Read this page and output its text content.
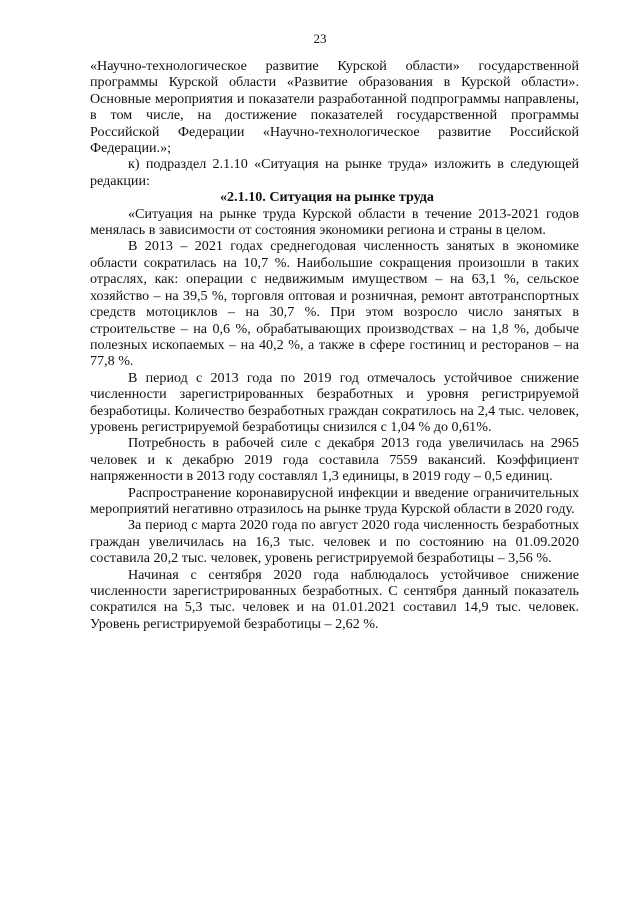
23

«Научно-технологическое развитие Курской области» государственной программы Курской области «Развитие образования в Курской области». Основные мероприятия и показатели разработанной подпрограммы направлены, в том числе, на достижение показателей государственной программы Российской Федерации «Научно-технологическое развитие Российской Федерации.»;

к) подраздел 2.1.10 «Ситуация на рынке труда» изложить в следующей редакции:

«2.1.10. Ситуация на рынке труда

«Ситуация на рынке труда Курской области в течение 2013-2021 годов менялась в зависимости от состояния экономики региона и страны в целом.

В 2013 – 2021 годах среднегодовая численность занятых в экономике области сократилась на 10,7 %. Наибольшие сокращения произошли в таких отраслях, как: операции с недвижимым имуществом – на 63,1 %, сельское хозяйство – на 39,5 %, торговля оптовая и розничная, ремонт автотранспортных средств мотоциклов – на 30,7 %. При этом возросло число занятых в строительстве – на 0,6 %, обрабатывающих производствах – на 1,8 %, добыче полезных ископаемых – на 40,2 %, а также в сфере гостиниц и ресторанов – на 77,8 %.

В период с 2013 года по 2019 год отмечалось устойчивое снижение численности зарегистрированных безработных и уровня регистрируемой безработицы. Количество безработных граждан сократилось на 2,4 тыс. человек, уровень регистрируемой безработицы снизился с 1,04 % до 0,61%.

Потребность в рабочей силе с декабря 2013 года увеличилась на 2965 человек и к декабрю 2019 года составила 7559 вакансий. Коэффициент напряженности в 2013 году составлял 1,3 единицы, в 2019 году – 0,5 единиц.

Распространение коронавирусной инфекции и введение ограничительных мероприятий негативно отразилось на рынке труда Курской области в 2020 году.

За период с марта 2020 года по август 2020 года численность безработных граждан увеличилась на 16,3 тыс. человек и по состоянию на 01.09.2020 составила 20,2 тыс. человек, уровень регистрируемой безработицы – 3,56 %.

Начиная с сентября 2020 года наблюдалось устойчивое снижение численности зарегистрированных безработных. С сентября данный показатель сократился на 5,3 тыс. человек и на 01.01.2021 составил 14,9 тыс. человек. Уровень регистрируемой безработицы – 2,62 %.
